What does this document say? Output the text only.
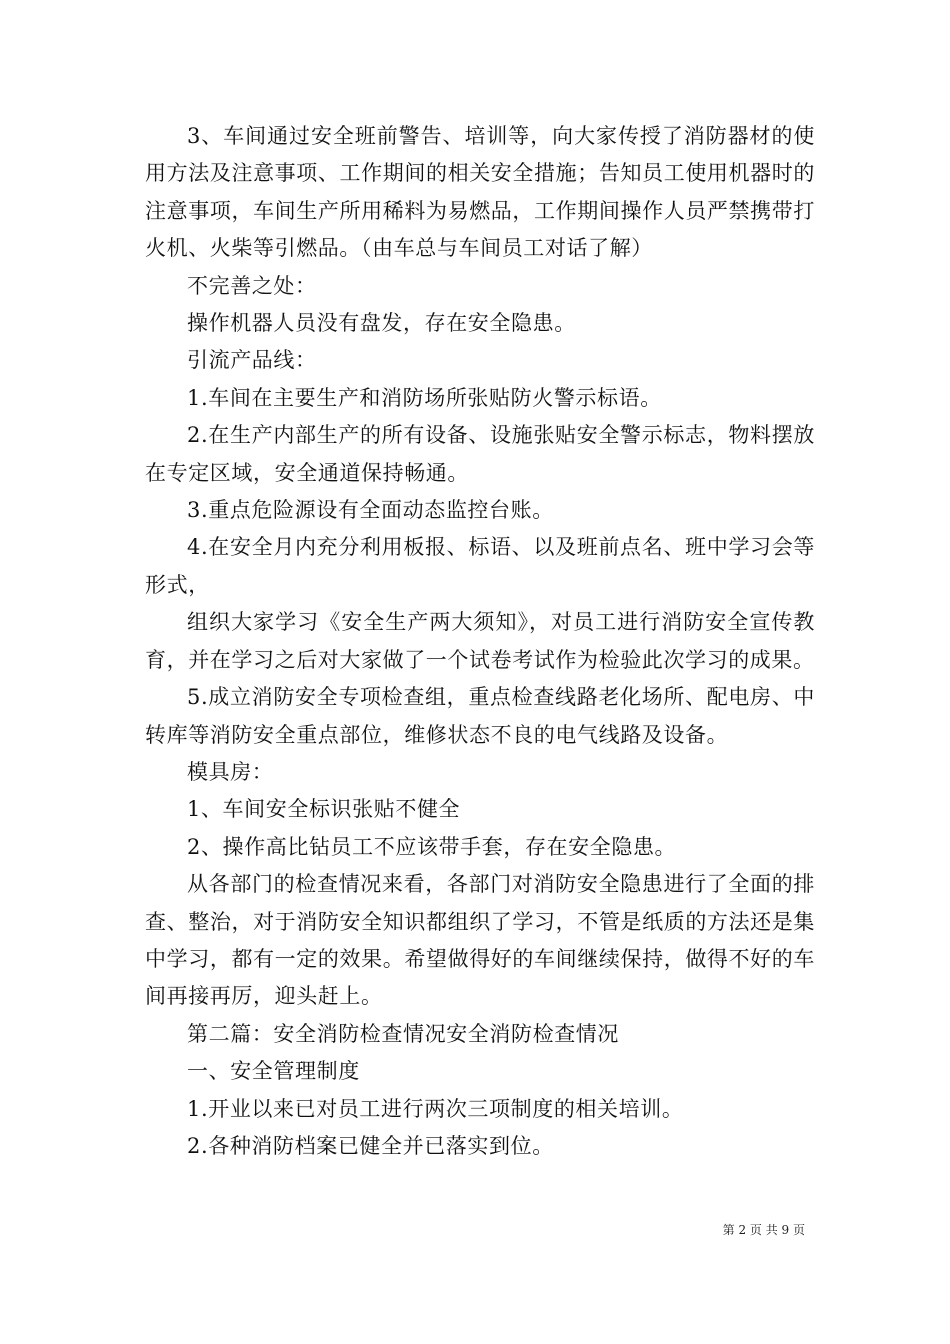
3、车间通过安全班前警告、培训等，向大家传授了消防器材的使用方法及注意事项、工作期间的相关安全措施；告知员工使用机器时的注意事项，车间生产所用稀料为易燃品，工作期间操作人员严禁携带打火机、火柴等引燃品。（由车总与车间员工对话了解）

不完善之处：

操作机器人员没有盘发，存在安全隐患。

引流产品线：

1.车间在主要生产和消防场所张贴防火警示标语。

2.在生产内部生产的所有设备、设施张贴安全警示标志，物料摆放在专定区域，安全通道保持畅通。

3.重点危险源设有全面动态监控台账。

4.在安全月内充分利用板报、标语、以及班前点名、班中学习会等形式，

组织大家学习《安全生产两大须知》，对员工进行消防安全宣传教育，并在学习之后对大家做了一个试卷考试作为检验此次学习的成果。

5.成立消防安全专项检查组，重点检查线路老化场所、配电房、中转库等消防安全重点部位，维修状态不良的电气线路及设备。

模具房：

1、车间安全标识张贴不健全

2、操作高比钻员工不应该带手套，存在安全隐患。

从各部门的检查情况来看，各部门对消防安全隐患进行了全面的排查、整治，对于消防安全知识都组织了学习，不管是纸质的方法还是集中学习，都有一定的效果。希望做得好的车间继续保持，做得不好的车间再接再厉，迎头赶上。

第二篇：安全消防检查情况安全消防检查情况

一、安全管理制度

1.开业以来已对员工进行两次三项制度的相关培训。

2.各种消防档案已健全并已落实到位。

第 2 页 共 9 页
